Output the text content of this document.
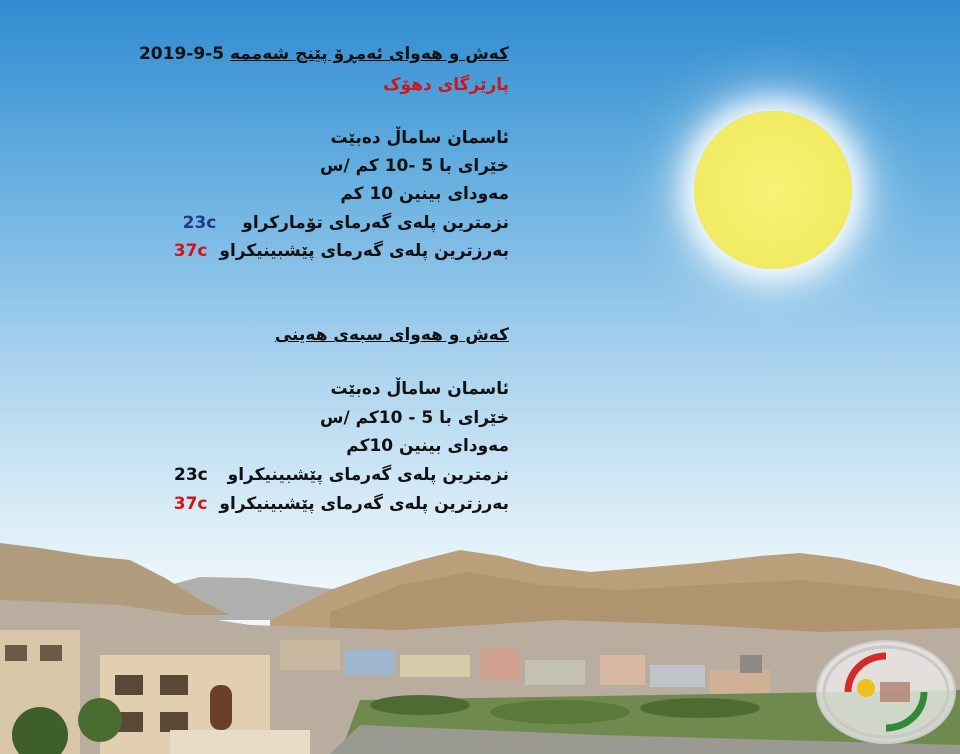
كەش و هەوای ئەمڕۆ پێنج شەممە 2019-9-5
پارێزگای دهۆک
ئاسمان ساماڵ دەبێت
خێرای با 5 -10 کم /س
مەودای بینین 10 کم
نزمترین پلەی گەرمای تۆمارکراو 23c
بەرزترین پلەی گەرمای پێشبینیکراو 37c
كەش و هەوای سبەی هەینی
ئاسمان ساماڵ دەبێت
خێرای با 5 - 10کم /س
مەودای بینین 10کم
نزمترین پلەی گەرمای پێشبینیکراو 23c
بەرزترین پلەی گەرمای پێشبینیکراو 37c
